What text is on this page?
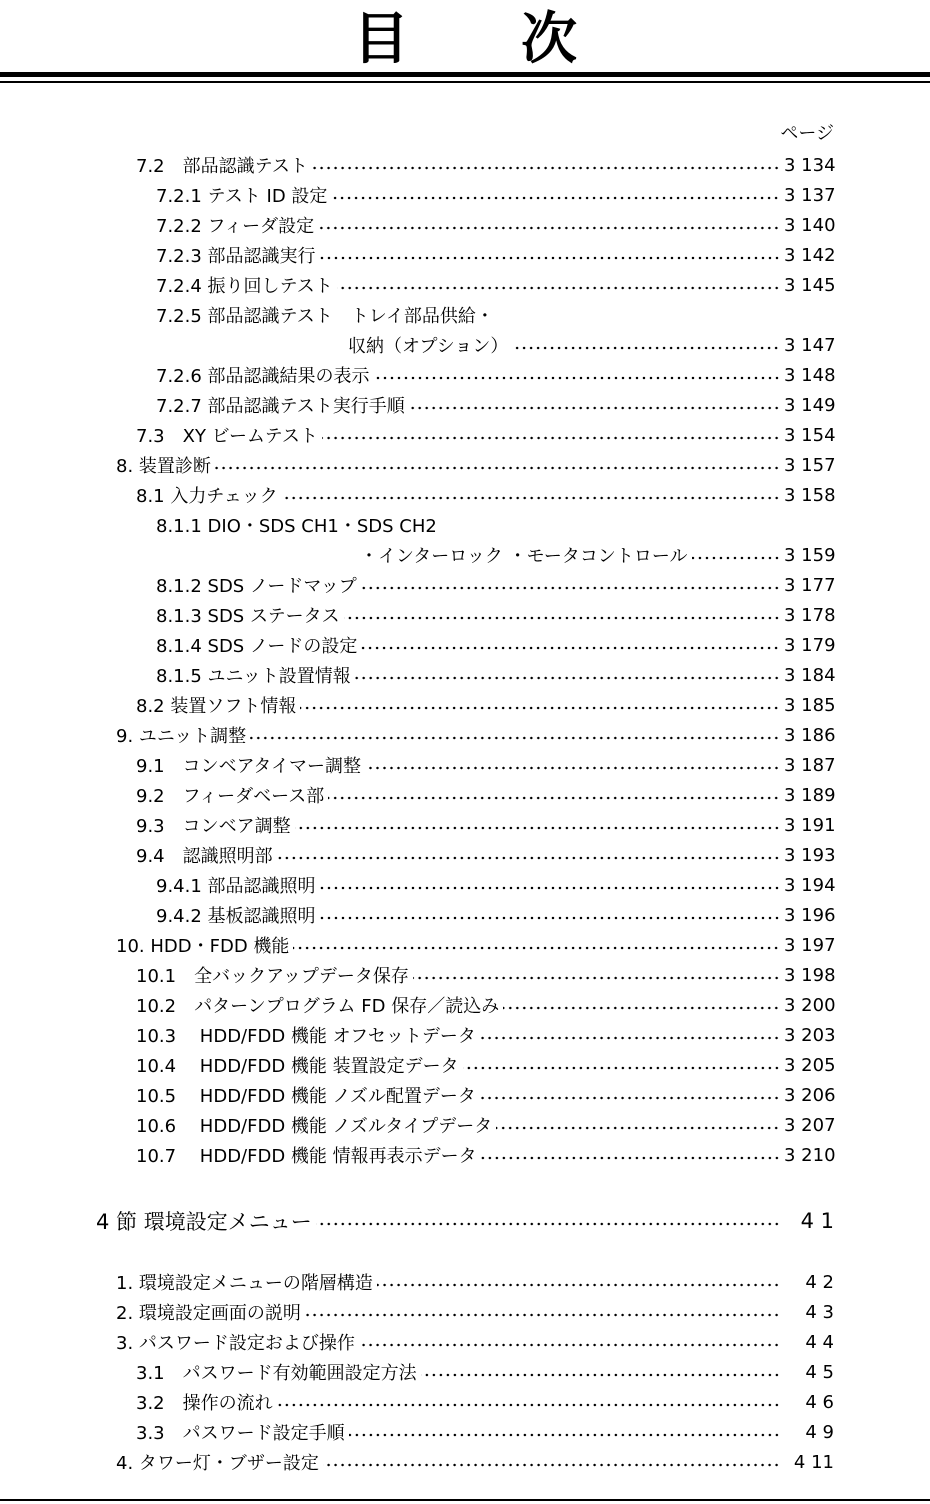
目 次
ページ
7.2　部品認識テスト	3 134
7.2.1 テスト ID 設定	3 137
7.2.2 フィーダ設定	3 140
7.2.3 部品認識実行	3 142
7.2.4 振り回しテスト	3 145
7.2.5 部品認識テスト　トレイ部品供給・
収納（オプション）	3 147
7.2.6 部品認識結果の表示	3 148
7.2.7 部品認識テスト実行手順	3 149
7.3　XY ビームテスト	3 154
8. 装置診断	3 157
8.1 入力チェック	3 158
8.1.1 DIO・SDS CH1・SDS CH2
・インターロック ・モータコントロール	3 159
8.1.2 SDS ノードマップ	3 177
8.1.3 SDS ステータス	3 178
8.1.4 SDS ノードの設定	3 179
8.1.5 ユニット設置情報	3 184
8.2 装置ソフト情報	3 185
9. ユニット調整	3 186
9.1　コンベアタイマー調整	3 187
9.2　フィーダベース部	3 189
9.3　コンベア調整	3 191
9.4　認識照明部	3 193
9.4.1 部品認識照明	3 194
9.4.2 基板認識照明	3 196
10. HDD・FDD 機能	3 197
10.1　全バックアップデータ保存	3 198
10.2　パターンプログラム FD 保存／読込み	3 200
10.3　 HDD/FDD 機能 オフセットデータ	3 203
10.4　 HDD/FDD 機能 装置設定データ	3 205
10.5　 HDD/FDD 機能 ノズル配置データ	3 206
10.6　 HDD/FDD 機能 ノズルタイプデータ	3 207
10.7　 HDD/FDD 機能 情報再表示データ	3 210
4 節 環境設定メニュー	4 1
1. 環境設定メニューの階層構造	4 2
2. 環境設定画面の説明	4 3
3. パスワード設定および操作	4 4
3.1　パスワード有効範囲設定方法	4 5
3.2　操作の流れ	4 6
3.3　パスワード設定手順	4 9
4. タワー灯・ブザー設定	4 11
